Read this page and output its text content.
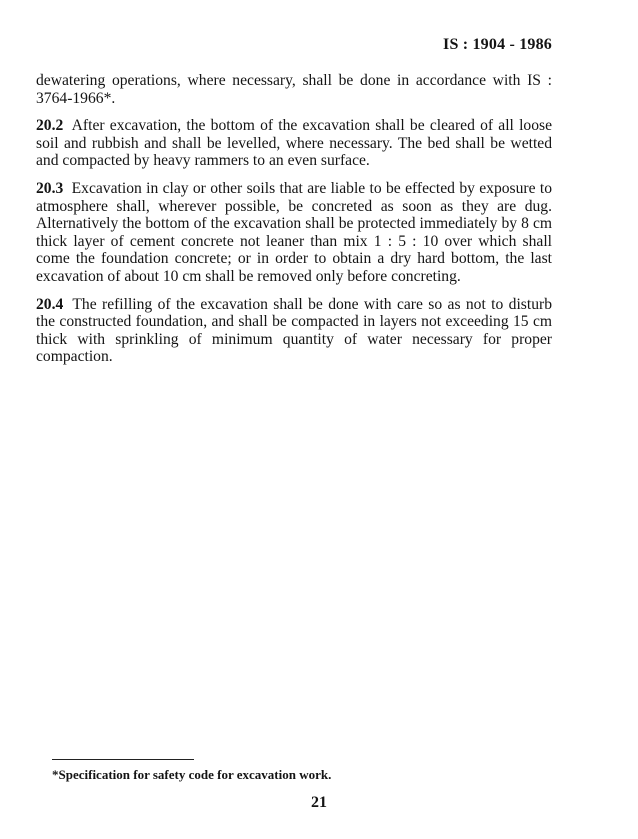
IS : 1904 - 1986

dewatering operations, where necessary, shall be done in accordance with IS : 3764-1966*.

20.2 After excavation, the bottom of the excavation shall be cleared of all loose soil and rubbish and shall be levelled, where necessary. The bed shall be wetted and compacted by heavy rammers to an even surface.

20.3 Excavation in clay or other soils that are liable to be effected by exposure to atmosphere shall, wherever possible, be concreted as soon as they are dug. Alternatively the bottom of the excavation shall be protected immediately by 8 cm thick layer of cement concrete not leaner than mix 1 : 5 : 10 over which shall come the foundation concrete; or in order to obtain a dry hard bottom, the last excavation of about 10 cm shall be removed only before concreting.

20.4 The refilling of the excavation shall be done with care so as not to disturb the constructed foundation, and shall be compacted in layers not exceeding 15 cm thick with sprinkling of minimum quantity of water necessary for proper compaction.

*Specification for safety code for excavation work.
21
